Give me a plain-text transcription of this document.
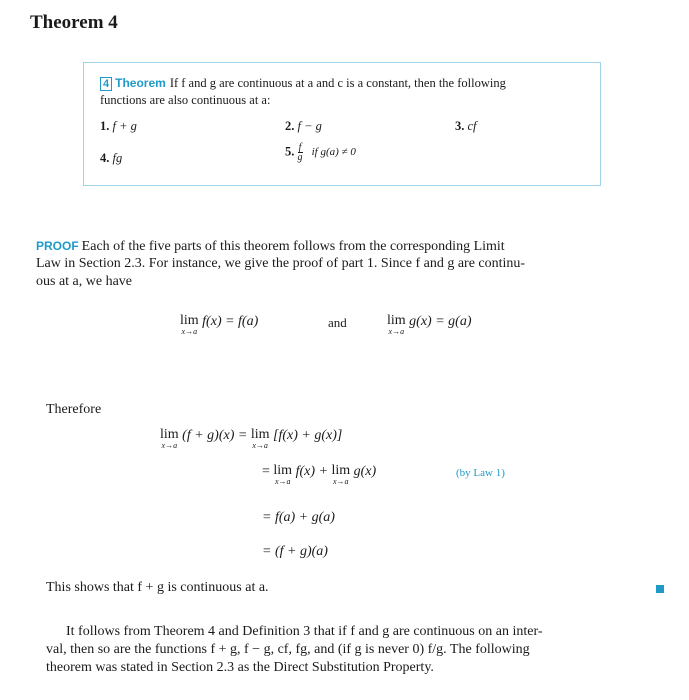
Theorem 4
4 Theorem If f and g are continuous at a and c is a constant, then the following
functions are also continuous at a:
1. f + g	2. f − g	3. cf
4. fg	5. $\frac{f}{g}$ if g(a) ≠ 0
PROOF Each of the five parts of this theorem follows from the corresponding Limit
Law in Section 2.3. For instance, we give the proof of part 1. Since f and g are continu-
ous at a, we have
lim
x→a
f(x) = f(a)	and	lim
x→a
g(x) = g(a)
Therefore
lim
x→a
(f + g)(x) = lim
x→a
[f(x) + g(x)]
= lim
x→a
f(x) + lim
x→a
g(x)	(by Law 1)
= f(a) + g(a)
= (f + g)(a)
This shows that f + g is continuous at a.
It follows from Theorem 4 and Definition 3 that if f and g are continuous on an inter-
val, then so are the functions f + g, f − g, cf, fg, and (if g is never 0) f/g. The following
theorem was stated in Section 2.3 as the Direct Substitution Property.
